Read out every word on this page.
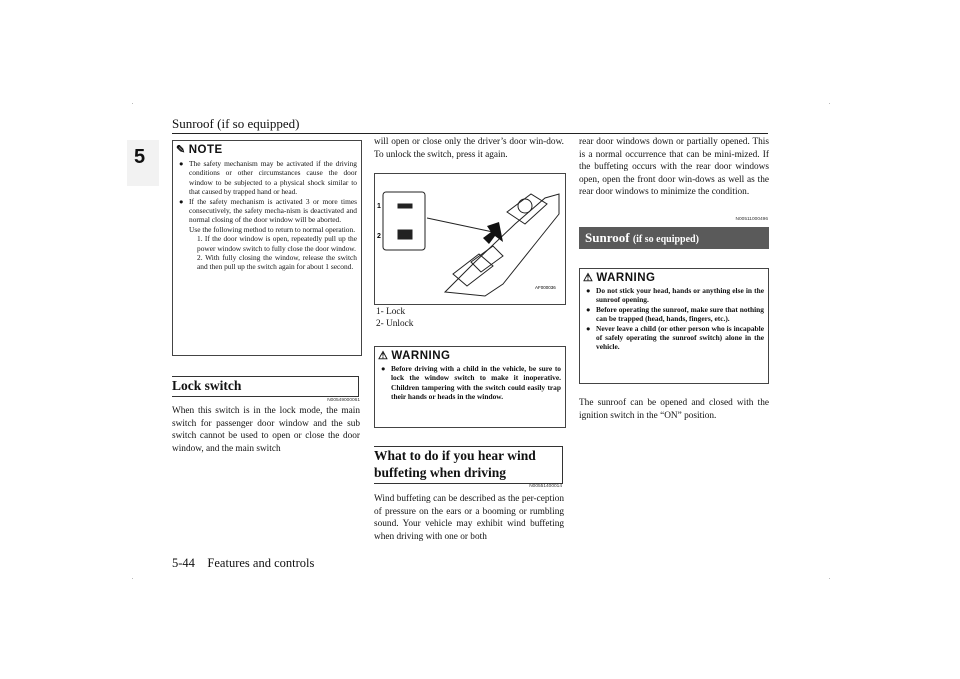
Sunroof (if so equipped)
5	✎ NOTE
● The safety mechanism may be activated if the driving conditions or other circumstances cause the door window to be subjected to a physical shock similar to that caused by trapped hand or head.
● If the safety mechanism is activated 3 or more times consecutively, the safety mecha-nism is deactivated and normal closing of the door window will be aborted.
Use the following method to return to normal operation.

1. If the door window is open, repeatedly pull up the power window switch to fully close the door window.

2. With fully closing the window, release the switch and then pull up the switch again for about 1 second.

Lock switch
N00549000061
When this switch is in the lock mode, the main switch for passenger door window and the sub switch cannot be used to open or close the door window, and the main switch
will open or close only the driver’s door win-dow. To unlock the switch, press it again.
1
2
AF000036
1- Lock
2- Unlock
⚠ WARNING
● Before driving with a child in the vehicle, be sure to lock the window switch to make it inoperative. Children tampering with the switch could easily trap their hands or heads in the window.
What to do if you hear wind buffeting when driving
N00551400014
Wind buffeting can be described as the per-ception of pressure on the ears or a booming or rumbling sound. Your vehicle may exhibit wind buffeting when driving with one or both
rear door windows down or partially opened. This is a normal occurrence that can be mini-mized. If the buffeting occurs with the rear door windows open, open the front door win-dows as well as the rear door windows to minimize the condition.
N00511000496
Sunroof (if so equipped)
⚠ WARNING
● Do not stick your head, hands or anything else in the sunroof opening.
● Before operating the sunroof, make sure that nothing can be trapped (head, hands, fingers, etc.).
● Never leave a child (or other person who is incapable of safely operating the sunroof switch) alone in the vehicle.
The sunroof can be opened and closed with the ignition switch in the “ON” position.
5-44 Features and controls
